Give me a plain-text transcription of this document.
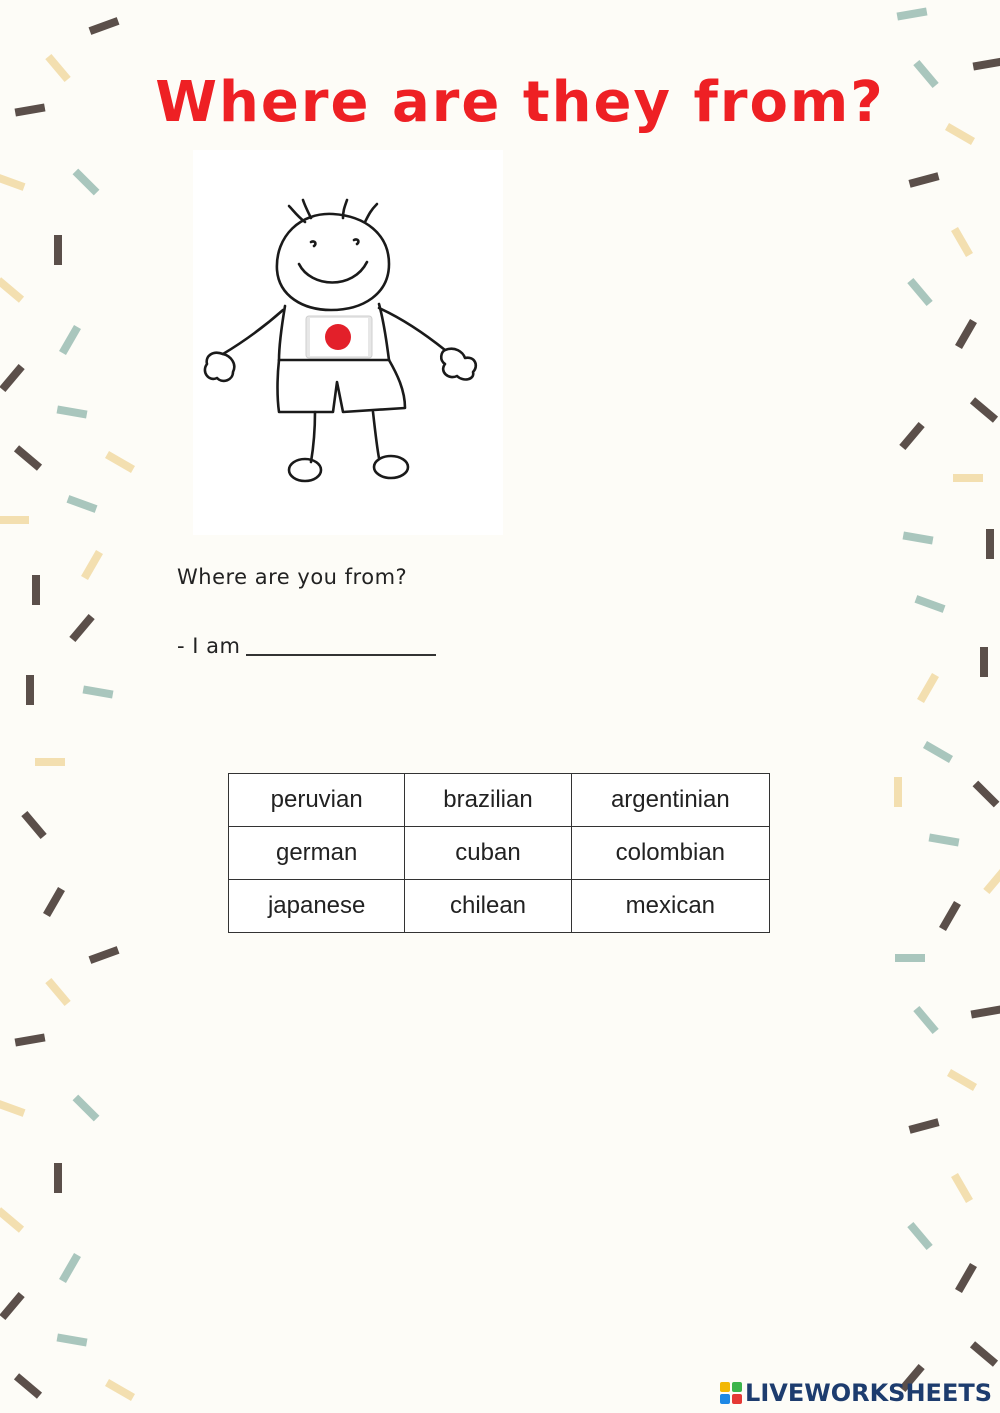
Where are they from?
Where are you from?
- I am
peruvian	brazilian	argentinian
german	cuban	colombian
japanese	chilean	mexican
LIVEWORKSHEETS
